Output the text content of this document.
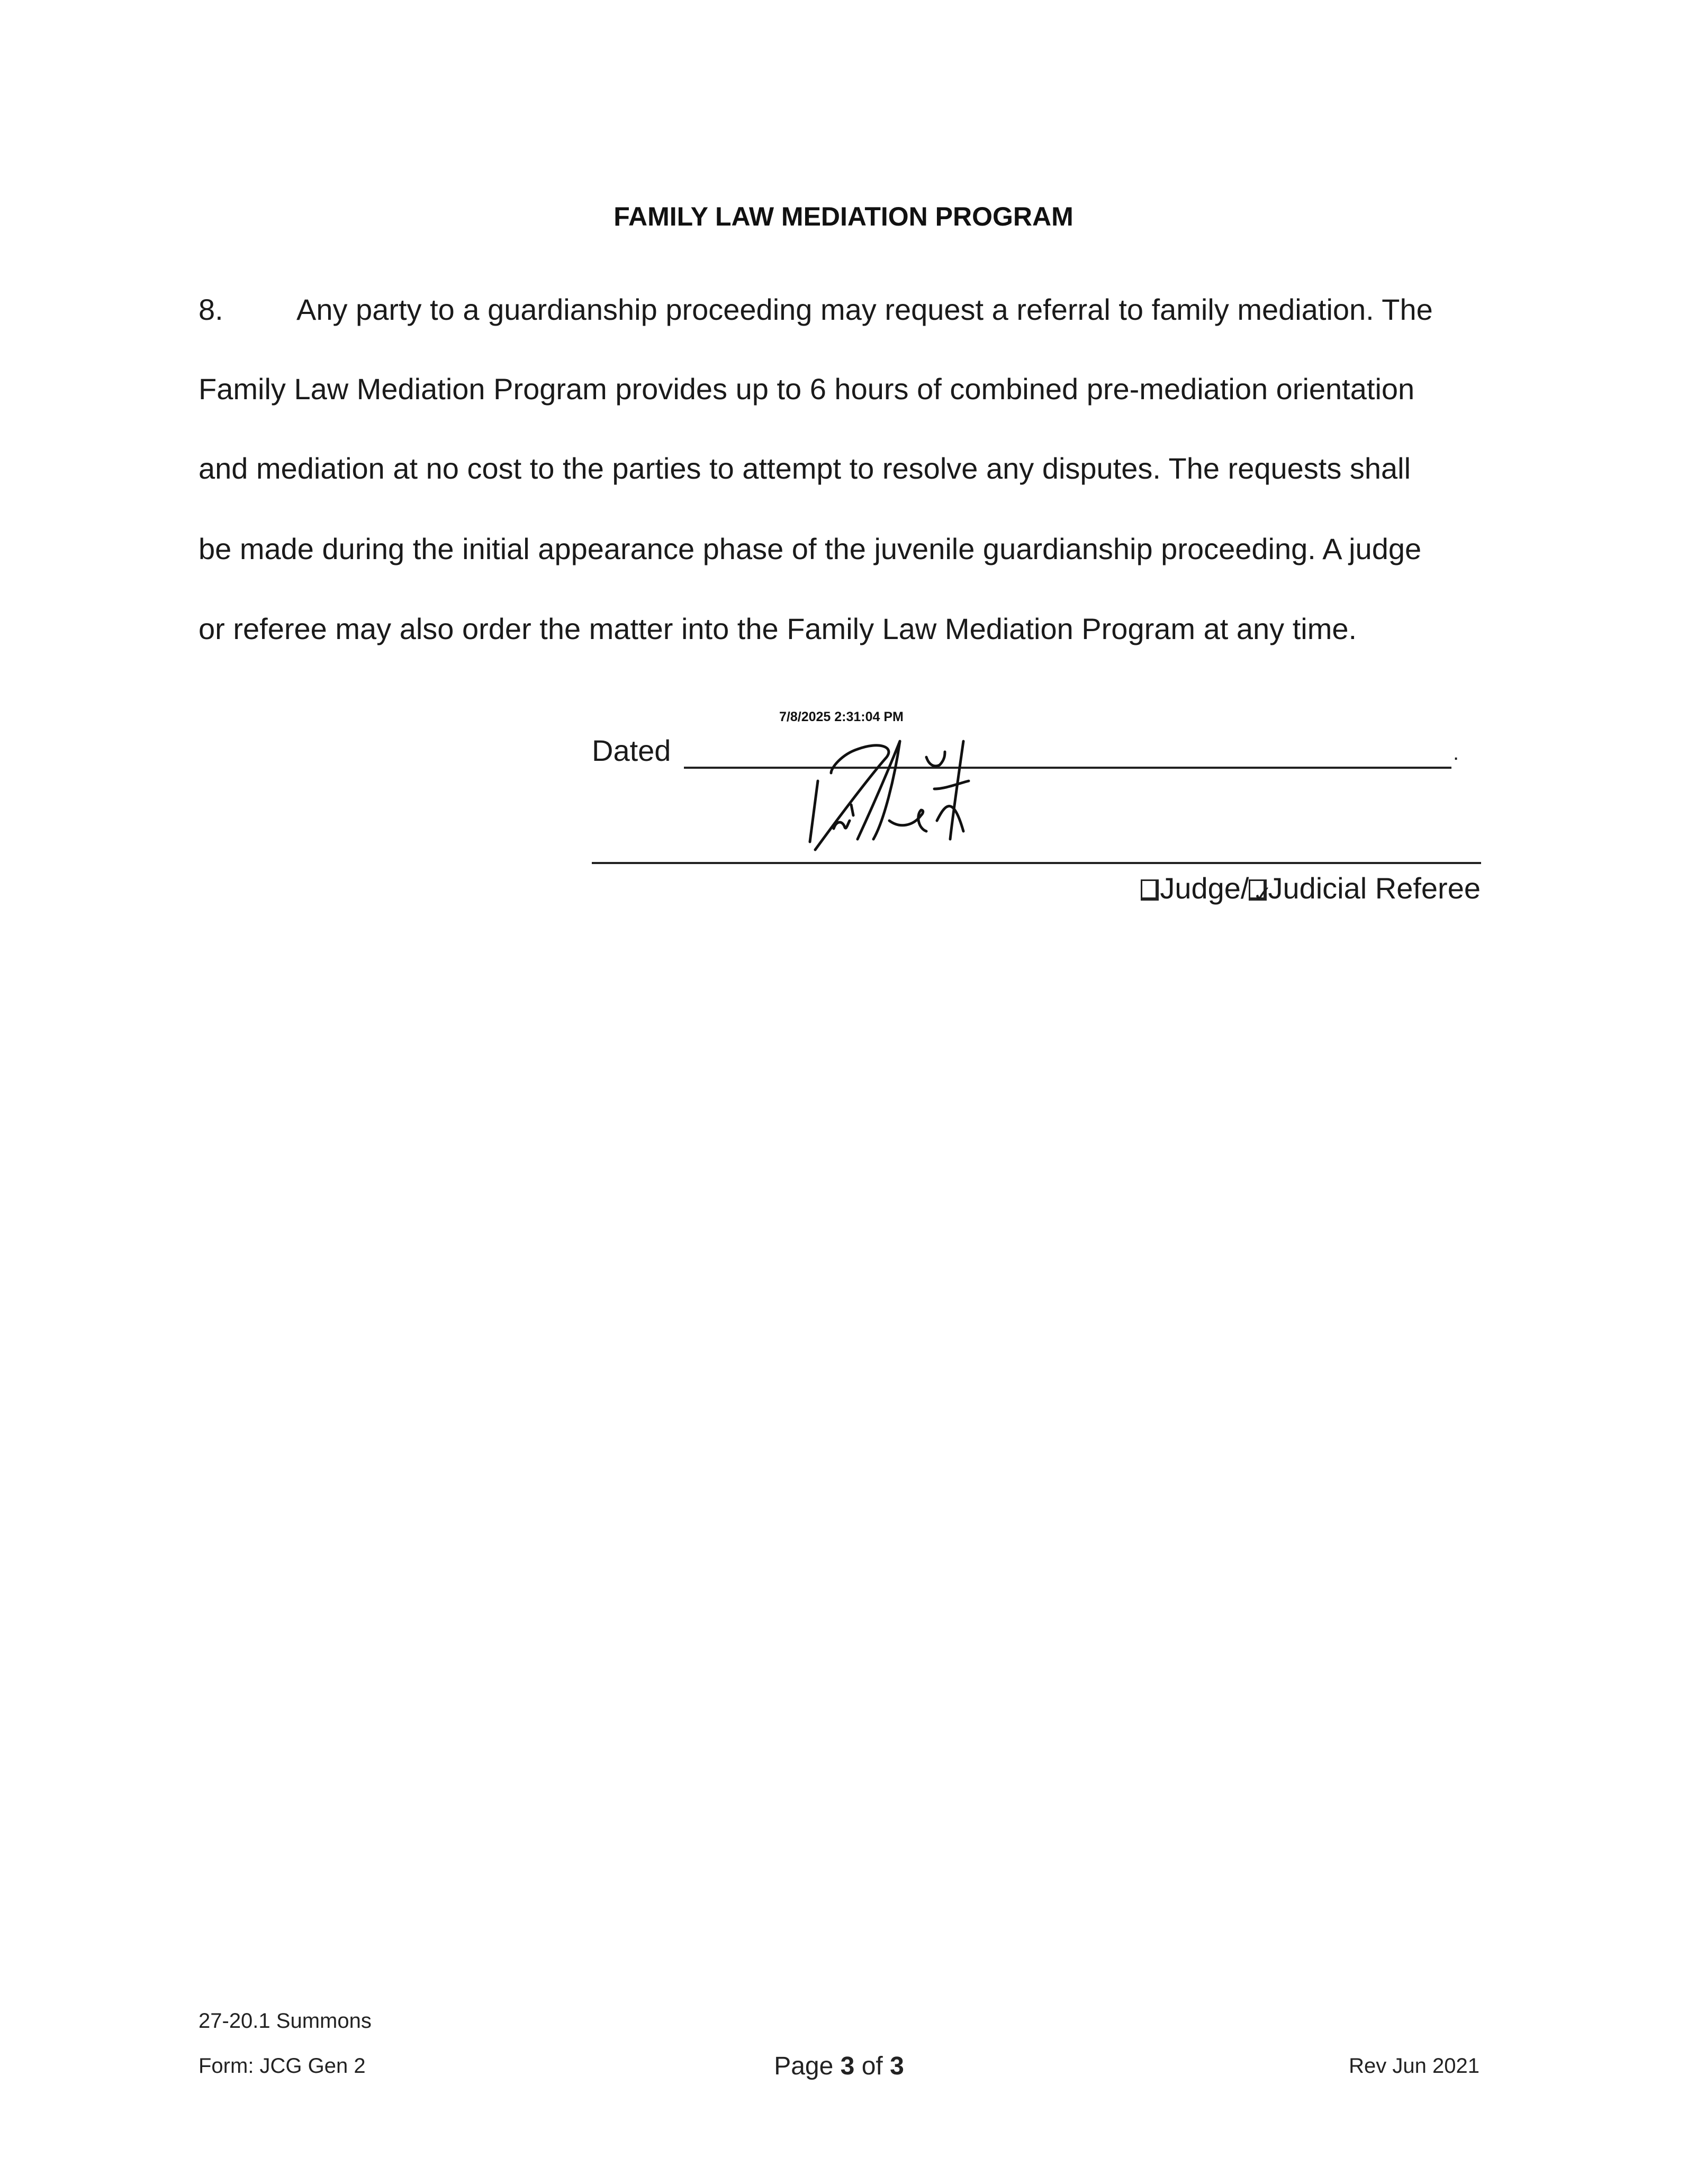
FAMILY LAW MEDIATION PROGRAM
8. Any party to a guardianship proceeding may request a referral to family mediation. The
Family Law Mediation Program provides up to 6 hours of combined pre-mediation orientation
and mediation at no cost to the parties to attempt to resolve any disputes. The requests shall
be made during the initial appearance phase of the juvenile guardianship proceeding. A judge
or referee may also order the matter into the Family Law Mediation Program at any time.
7/8/2025 2:31:04 PM
Dated	.
Judge/ ✓
Judicial Referee
27-20.1 Summons
Form: JCG Gen 2	Page 3 of 3	Rev Jun 2021
